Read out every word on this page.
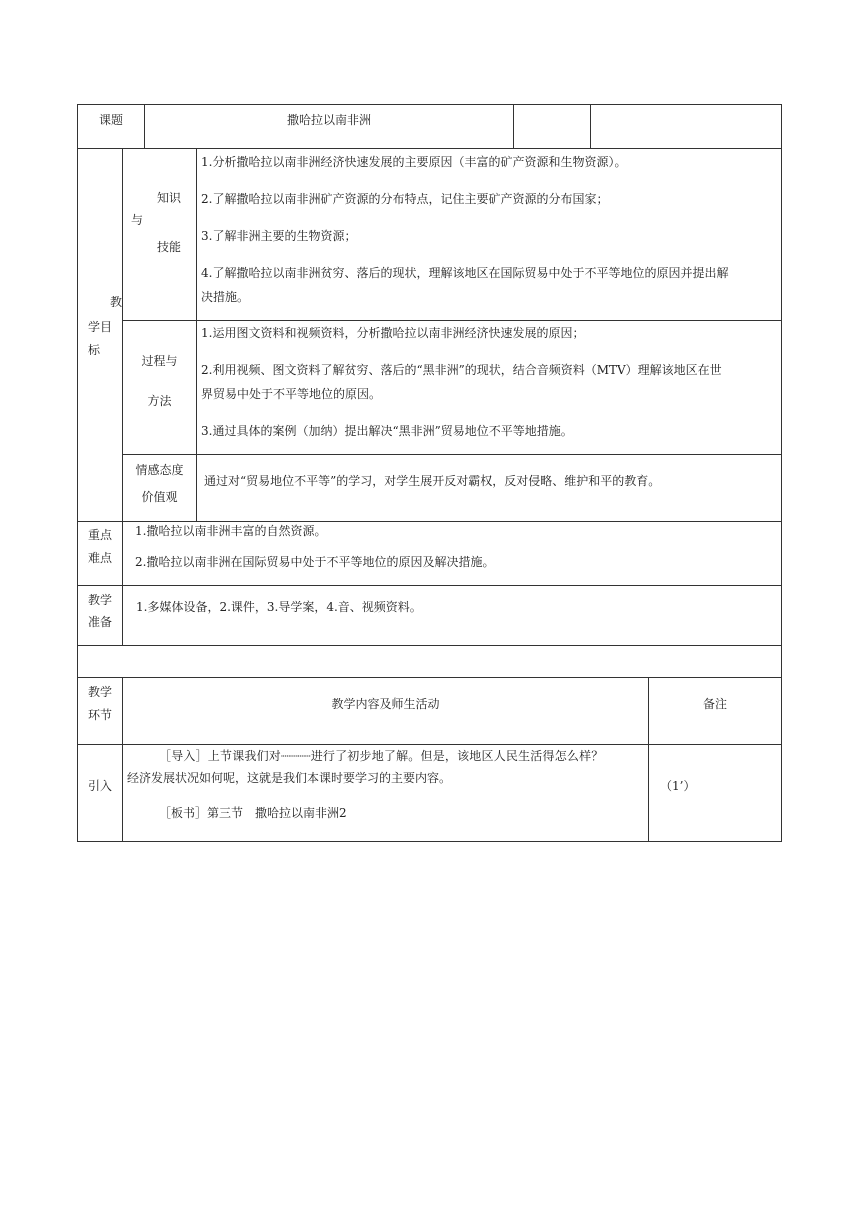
课题	撒哈拉以南非洲

教

学目

标

知识

与

技能

1.分析撒哈拉以南非洲经济快速发展的主要原因（丰富的矿产资源和生物资源）。

2.了解撒哈拉以南非洲矿产资源的分布特点，记住主要矿产资源的分布国家；

3.了解非洲主要的生物资源；

4.了解撒哈拉以南非洲贫穷、落后的现状，理解该地区在国际贸易中处于不平等地位的原因并提出解

决措施。

过程与

方法

1.运用图文资料和视频资料，分析撒哈拉以南非洲经济快速发展的原因；

2.利用视频、图文资料了解贫穷、落后的“黑非洲”的现状，结合音频资料（MTV）理解该地区在世

界贸易中处于不平等地位的原因。

3.通过具体的案例（加纳）提出解决“黑非洲”贸易地位不平等地措施。

情感态度

价值观

通过对“贸易地位不平等”的学习，对学生展开反对霸权，反对侵略、维护和平的教育。

重点

难点

1.撒哈拉以南非洲丰富的自然资源。

2.撒哈拉以南非洲在国际贸易中处于不平等地位的原因及解决措施。

教学

准备

1.多媒体设备，2.课件，3.导学案，4.音、视频资料。

教学

环节

教学内容及师生活动	备注
引入

［导入］上节课我们对┈┈┈┈进行了初步地了解。但是，该地区人民生活得怎么样？

经济发展状况如何呢，这就是我们本课时要学习的主要内容。

［板书］第三节　撒哈拉以南非洲2

（1’）
